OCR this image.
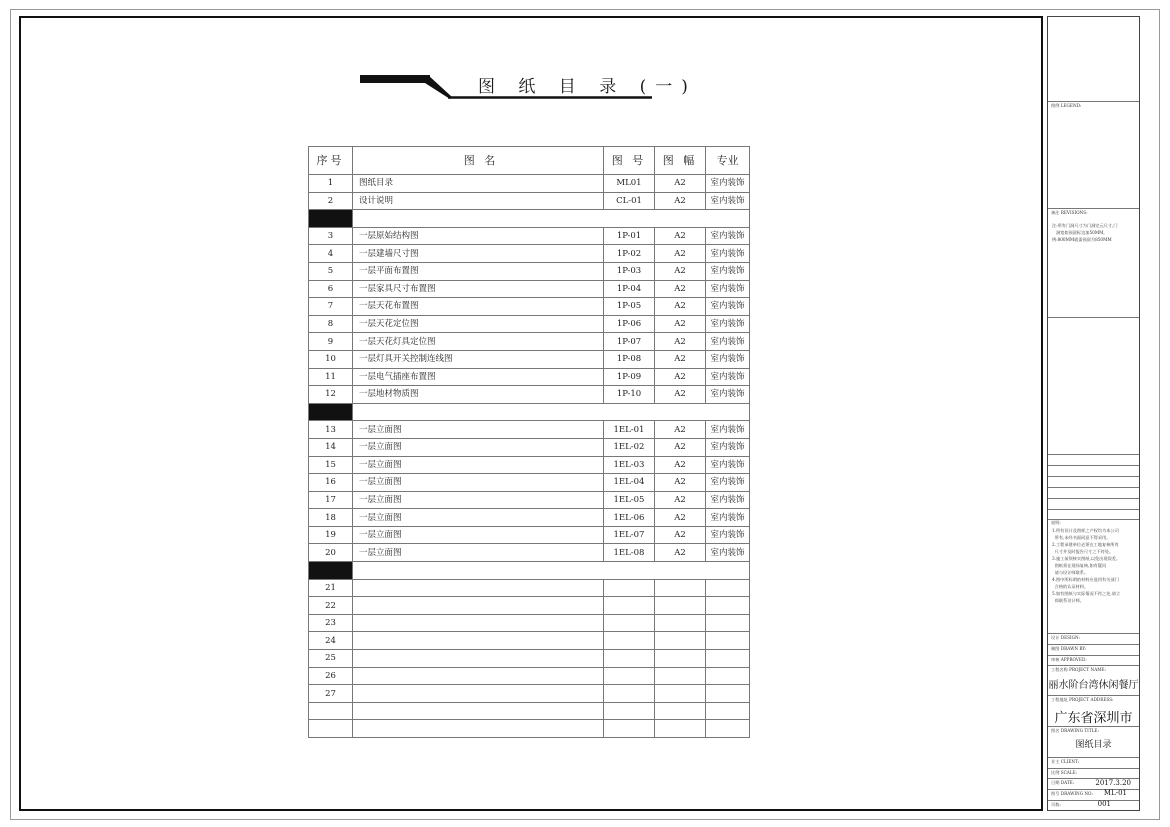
图 纸 目 录 (一)
序号	图 名	图 号	图 幅	专业
1	图纸目录	ML01	A2	室内装饰
2	设计说明	CL-01	A2	室内装饰

3	一层原始结构图	1P-01	A2	室内装饰
4	一层建墙尺寸图	1P-02	A2	室内装饰
5	一层平面布置图	1P-03	A2	室内装饰
6	一层家具尺寸布置图	1P-04	A2	室内装饰
7	一层天花布置图	1P-05	A2	室内装饰
8	一层天花定位图	1P-06	A2	室内装饰
9	一层天花灯具定位图	1P-07	A2	室内装饰
10	一层灯具开关控制连线图	1P-08	A2	室内装饰
11	一层电气插座布置图	1P-09	A2	室内装饰
12	一层地材物质图	1P-10	A2	室内装饰

13	一层立面图	1EL-01	A2	室内装饰
14	一层立面图	1EL-02	A2	室内装饰
15	一层立面图	1EL-03	A2	室内装饰
16	一层立面图	1EL-04	A2	室内装饰
17	一层立面图	1EL-05	A2	室内装饰
18	一层立面图	1EL-06	A2	室内装饰
19	一层立面图	1EL-07	A2	室内装饰
20	一层立面图	1EL-08	A2	室内装饰

21				
22				
23				
24				
25				
26				
27				

图例 LEGEND:
备注 REVISIONS:
注:所有门洞尺寸为门洞完元尺寸,门
洞宽如预留标边加50MM,
例:800MM就需预留为850MM
说明:
1.所有设计及图样之产权均为本公司
所有,未经书面同意不得采用。
2.工程承建单位必须在工地复核所有
尺寸并及时报告尺寸之不符处。
3.施工前须核实图纸,以免出现误差。
图纸须在现场复核,如有疑问
请与设计师联系。
4.图中所标明的材料应选用有关部门
合格的认证材料。
5.如有图纸与实际情况不符之处,请立
即联系设计师。
设计 DESIGN:
制图 DRAWN BY:
审核 APPROVED:
工程名称 PROJECT NAME:
丽水阶台湾休闲餐厅
工程地址 PROJECT ADDRESS:
广东省深圳市
图名 DRAWING TITLE:
图纸目录
业主 CLIENT:
比例 SCALE:
日期 DATE:	2017.3.20
图号 DRAWING NO: ML-01
页数:	001
